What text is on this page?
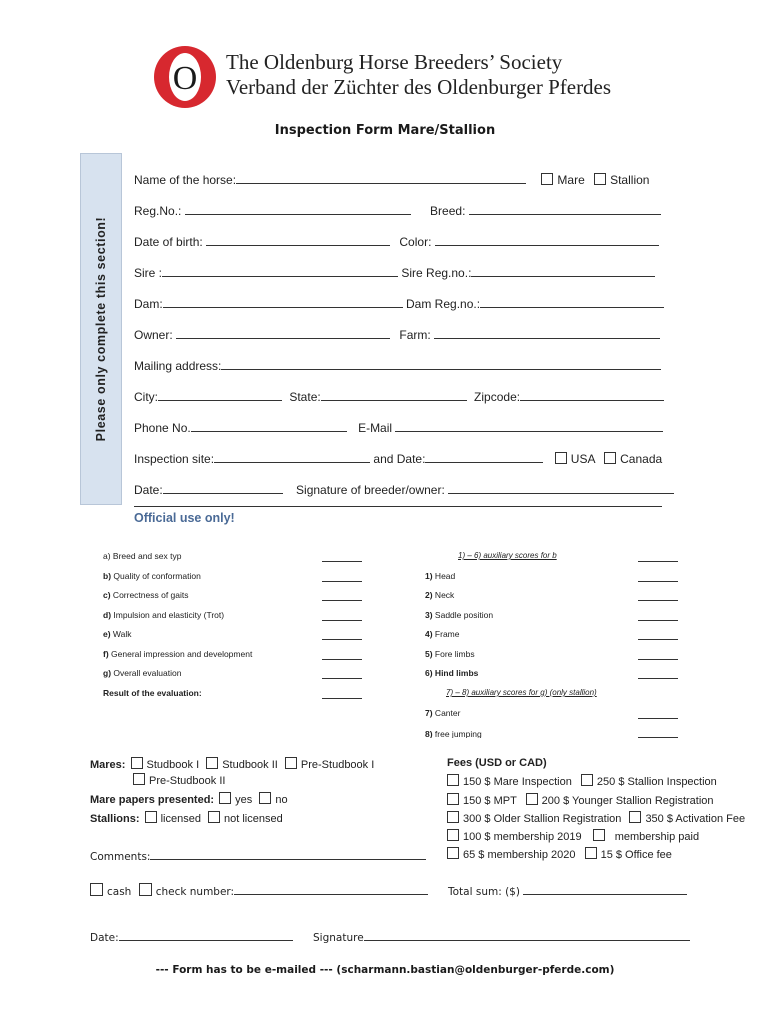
O The Oldenburg Horse Breeders’ Society
Verband der Züchter des Oldenburger Pferdes
Inspection Form Mare/Stallion
Please only complete this section!
Name of the horse:	Mare Stallion
Reg.No.:	Breed:
Date of birth:	Color:
Sire :	Sire Reg.no.:
Dam:	Dam Reg.no.:
Owner:	Farm:
Mailing address:
City:	State:	Zipcode:
Phone No.	E-Mail
Inspection site:	and Date:	USA Canada
Date:	Signature of breeder/owner:
Official use only!
a) Breed and sex typ
b) Quality of conformation
c) Correctness of gaits
d) Impulsion and elasticity (Trot)
e) Walk
f) General impression and development
g) Overall evaluation
Result of the evaluation:
1) – 6) auxiliary scores for b
1) Head
2) Neck
3) Saddle position
4) Frame
5) Fore limbs
6) Hind limbs
7) – 8) auxiliary scores for g) (only stallion)
7) Canter
8) free jumping
Mares: Studbook I Studbook II Pre-Studbook I
Pre-Studbook II
Mare papers presented: yes no
Stallions: licensed not licensed
Fees (USD or CAD)
150 $ Mare Inspection 250 $ Stallion Inspection
150 $ MPT 200 $ Younger Stallion Registration
300 $ Older Stallion Registration 350 $ Activation Fee
100 $ membership 2019	membership paid
65 $ membership 2020 15 $ Office fee
Comments:
cash check number:	Total sum: ($)
Date:	Signature
--- Form has to be e-mailed --- (scharmann.bastian@oldenburger-pferde.com)
